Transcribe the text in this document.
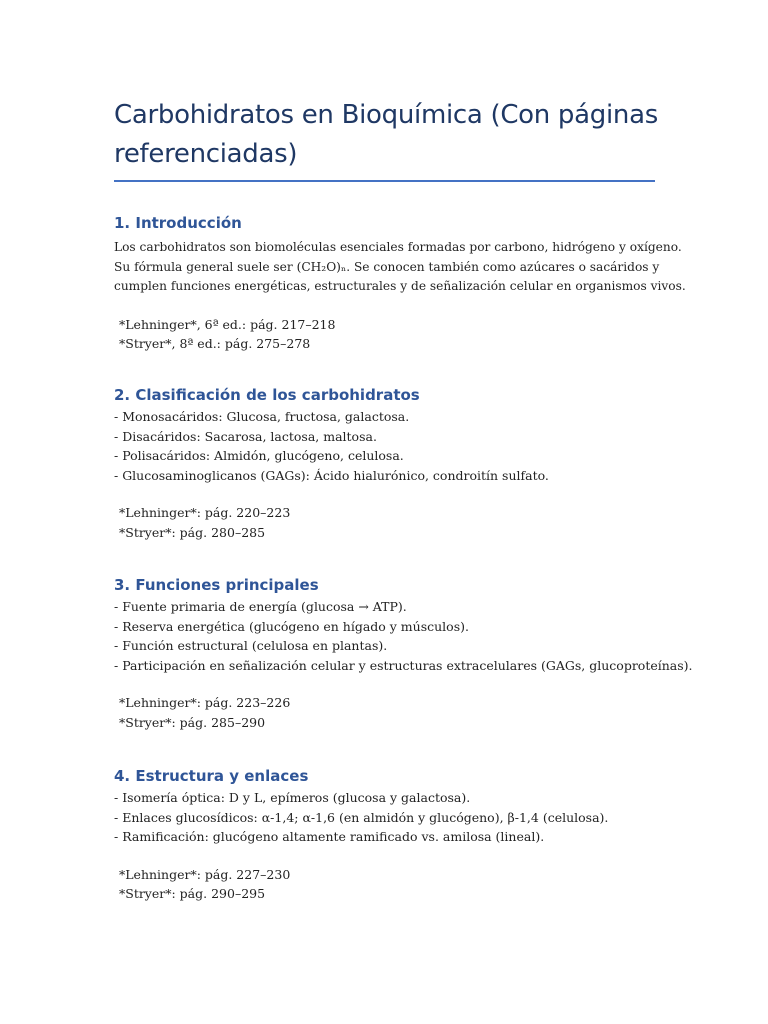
Carbohidratos en Bioquímica (Con páginas referenciadas)
1. Introducción
Los carbohidratos son biomoléculas esenciales formadas por carbono, hidrógeno y oxígeno.
Su fórmula general suele ser (CH₂O)ₙ. Se conocen también como azúcares o sacáridos y
cumplen funciones energéticas, estructurales y de señalización celular en organismos vivos.
*Lehninger*, 6ª ed.: pág. 217–218
*Stryer*, 8ª ed.: pág. 275–278
2. Clasificación de los carbohidratos
- Monosacáridos: Glucosa, fructosa, galactosa.
- Disacáridos: Sacarosa, lactosa, maltosa.
- Polisacáridos: Almidón, glucógeno, celulosa.
- Glucosaminoglicanos (GAGs): Ácido hialurónico, condroitín sulfato.
*Lehninger*: pág. 220–223
*Stryer*: pág. 280–285
3. Funciones principales
- Fuente primaria de energía (glucosa → ATP).
- Reserva energética (glucógeno en hígado y músculos).
- Función estructural (celulosa en plantas).
- Participación en señalización celular y estructuras extracelulares (GAGs, glucoproteínas).
*Lehninger*: pág. 223–226
*Stryer*: pág. 285–290
4. Estructura y enlaces
- Isomería óptica: D y L, epímeros (glucosa y galactosa).
- Enlaces glucosídicos: α-1,4; α-1,6 (en almidón y glucógeno), β-1,4 (celulosa).
- Ramificación: glucógeno altamente ramificado vs. amilosa (lineal).
*Lehninger*: pág. 227–230
*Stryer*: pág. 290–295
